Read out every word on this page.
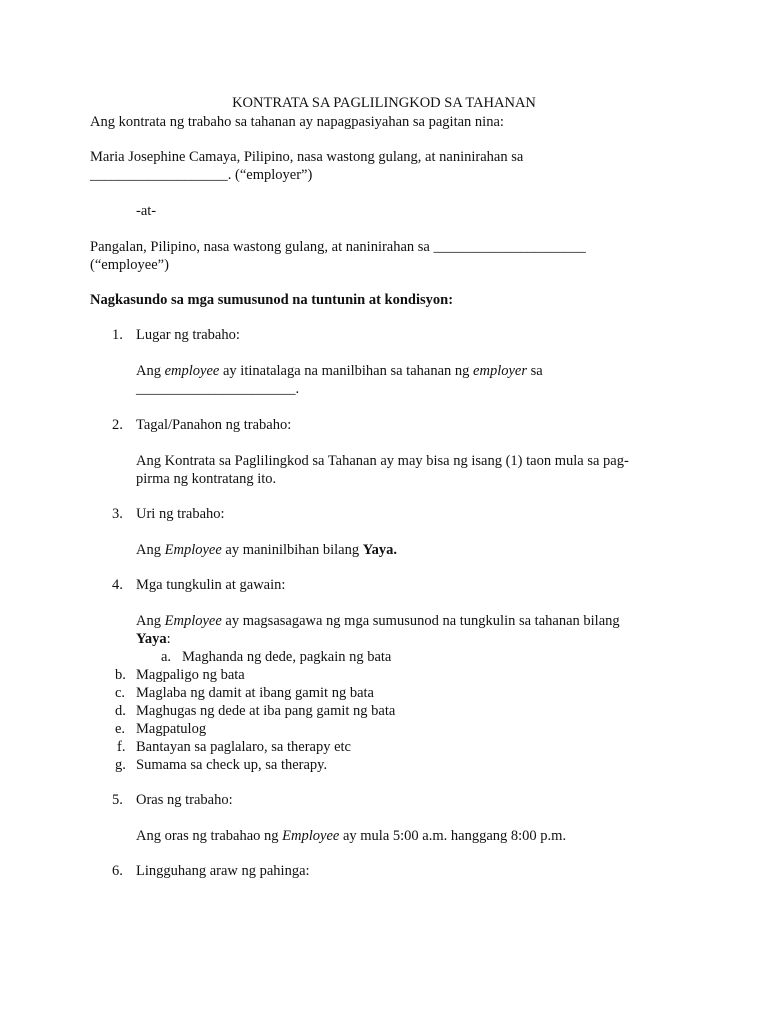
KONTRATA SA PAGLILINGKOD SA TAHANAN
Ang kontrata ng trabaho sa tahanan ay napagpasiyahan sa pagitan nina:
Maria Josephine Camaya, Pilipino, nasa wastong gulang, at naninirahan sa
___________________. (“employer”)
-at-
Pangalan, Pilipino, nasa wastong gulang, at naninirahan sa _____________________
(“employee”)
Nagkasundo sa mga sumusunod na tuntunin at kondisyon:
1. Lugar ng trabaho:
Ang employee ay itinatalaga na manilbihan sa tahanan ng employer sa
______________________.
2. Tagal/Panahon ng trabaho:
Ang Kontrata sa Paglilingkod sa Tahanan ay may bisa ng isang (1) taon mula sa pag-
pirma ng kontratang ito.
3. Uri ng trabaho:
Ang Employee ay maninilbihan bilang Yaya.
4. Mga tungkulin at gawain:
Ang Employee ay magsasagawa ng mga sumusunod na tungkulin sa tahanan bilang
Yaya:
a. Maghanda ng dede, pagkain ng bata
b. Magpaligo ng bata
c. Maglaba ng damit at ibang gamit ng bata
d. Maghugas ng dede at iba pang gamit ng bata
e. Magpatulog
f. Bantayan sa paglalaro, sa therapy etc
g. Sumama sa check up, sa therapy.
5. Oras ng trabaho:
Ang oras ng trabahao ng Employee ay mula 5:00 a.m. hanggang 8:00 p.m.
6. Lingguhang araw ng pahinga:
